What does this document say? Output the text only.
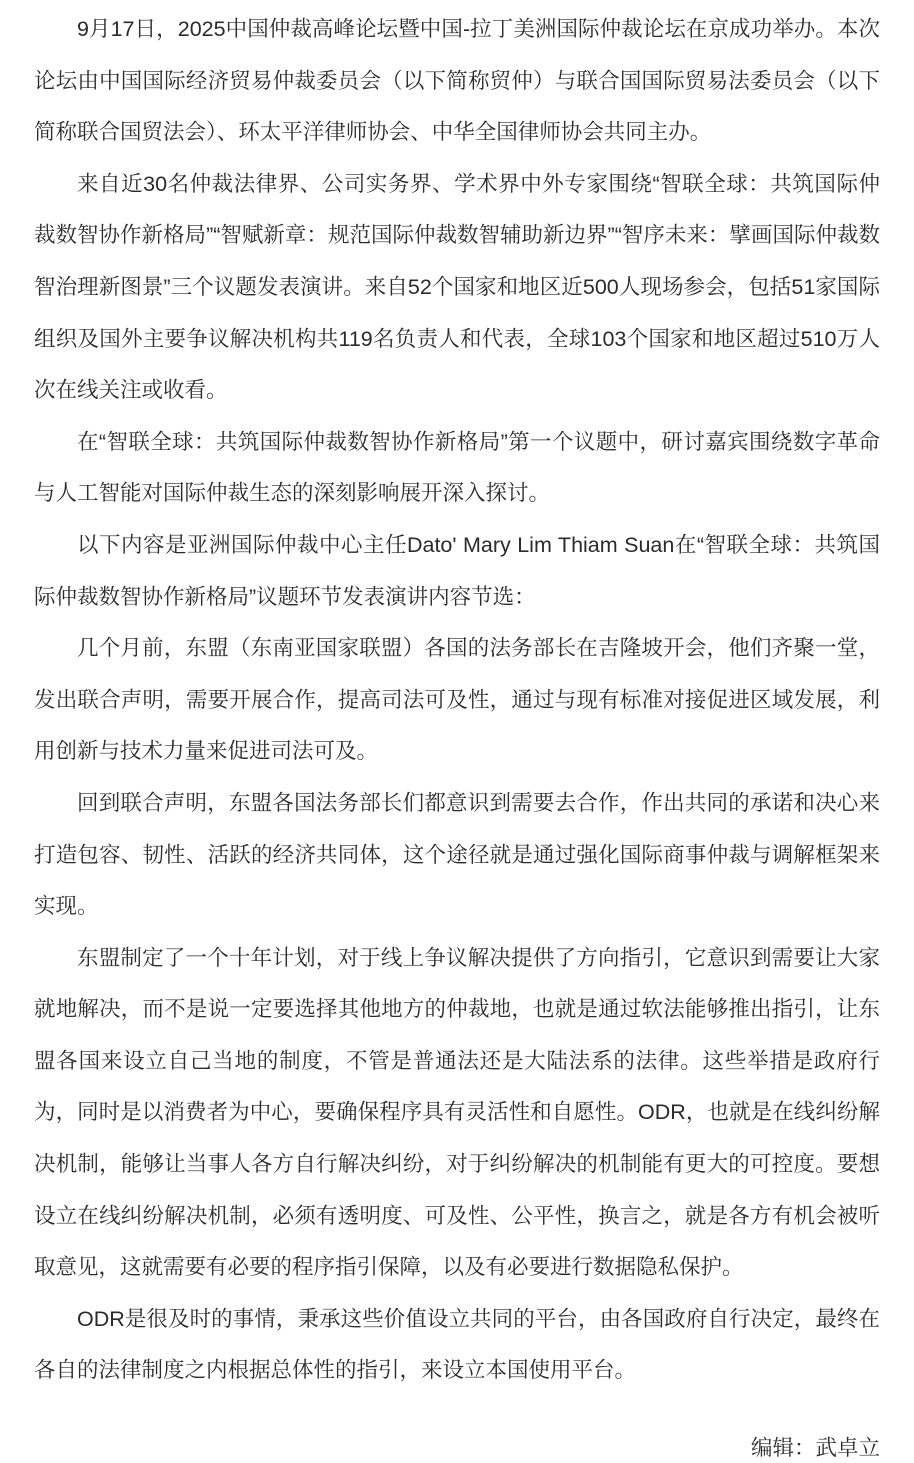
9月17日，2025中国仲裁高峰论坛暨中国-拉丁美洲国际仲裁论坛在京成功举办。本次论坛由中国国际经济贸易仲裁委员会（以下简称贸仲）与联合国国际贸易法委员会（以下简称联合国贸法会）、环太平洋律师协会、中华全国律师协会共同主办。

来自近30名仲裁法律界、公司实务界、学术界中外专家围绕“智联全球：共筑国际仲裁数智协作新格局”“智赋新章：规范国际仲裁数智辅助新边界”“智序未来：擘画国际仲裁数智治理新图景”三个议题发表演讲。来自52个国家和地区近500人现场参会，包括51家国际组织及国外主要争议解决机构共119名负责人和代表，全球103个国家和地区超过510万人次在线关注或收看。

在“智联全球：共筑国际仲裁数智协作新格局”第一个议题中，研讨嘉宾围绕数字革命与人工智能对国际仲裁生态的深刻影响展开深入探讨。

以下内容是亚洲国际仲裁中心主任Dato' Mary Lim Thiam Suan在“智联全球：共筑国际仲裁数智协作新格局”议题环节发表演讲内容节选：

几个月前，东盟（东南亚国家联盟）各国的法务部长在吉隆坡开会，他们齐聚一堂，发出联合声明，需要开展合作，提高司法可及性，通过与现有标准对接促进区域发展，利用创新与技术力量来促进司法可及。

回到联合声明，东盟各国法务部长们都意识到需要去合作，作出共同的承诺和决心来打造包容、韧性、活跃的经济共同体，这个途径就是通过强化国际商事仲裁与调解框架来实现。

东盟制定了一个十年计划，对于线上争议解决提供了方向指引，它意识到需要让大家就地解决，而不是说一定要选择其他地方的仲裁地，也就是通过软法能够推出指引，让东盟各国来设立自己当地的制度，不管是普通法还是大陆法系的法律。这些举措是政府行为，同时是以消费者为中心，要确保程序具有灵活性和自愿性。ODR，也就是在线纠纷解决机制，能够让当事人各方自行解决纠纷，对于纠纷解决的机制能有更大的可控度。要想设立在线纠纷解决机制，必须有透明度、可及性、公平性，换言之，就是各方有机会被听取意见，这就需要有必要的程序指引保障，以及有必要进行数据隐私保护。

ODR是很及时的事情，秉承这些价值设立共同的平台，由各国政府自行决定，最终在各自的法律制度之内根据总体性的指引，来设立本国使用平台。

编辑：武卓立
